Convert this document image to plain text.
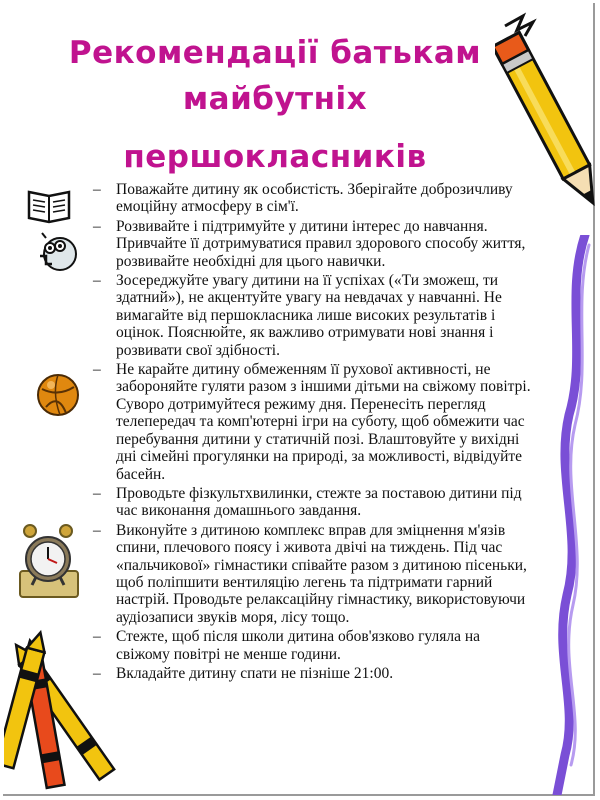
Рекомендації батькам
майбутніх
першокласників
– Поважайте дитину як особистість. Зберігайте доброзичливу емоційну атмосферу в сім'ї.
– Розвивайте і підтримуйте у дитини інтерес до навчання. Привчайте її дотримуватися правил здорового способу життя, розвивайте необхідні для цього навички.
– Зосереджуйте увагу дитини на її успіхах («Ти зможеш, ти здатний»), не акцентуйте увагу на невдачах у навчанні. Не вимагайте від першокласника лише високих результатів і оцінок. Пояснюйте, як важливо отримувати нові знання і розвивати свої здібності.
– Не карайте дитину обмеженням її рухової активності, не забороняйте гуляти разом з іншими дітьми на свіжому повітрі. Суворо дотримуйтеся режиму дня. Перенесіть перегляд телепередач та комп'ютерні ігри на суботу, щоб обмежити час перебування дитини у статичній позі. Влаштовуйте у вихідні дні сімейні прогулянки на природі, за можливості, відвідуйте басейн.
– Проводьте фізкультхвилинки, стежте за поставою дитини під час виконання домашнього завдання.
– Виконуйте з дитиною комплекс вправ для зміцнення м'язів спини, плечового поясу і живота двічі на тиждень. Під час «пальчикової» гімнастики співайте разом з дитиною пісеньки, щоб поліпшити вентиляцію легень та підтримати гарний настрій. Проводьте релаксаційну гімнастику, використовуючи аудіозаписи звуків моря, лісу тощо.
– Стежте, щоб після школи дитина обов'язково гуляла на свіжому повітрі не менше години.
– Вкладайте дитину спати не пізніше 21:00.
